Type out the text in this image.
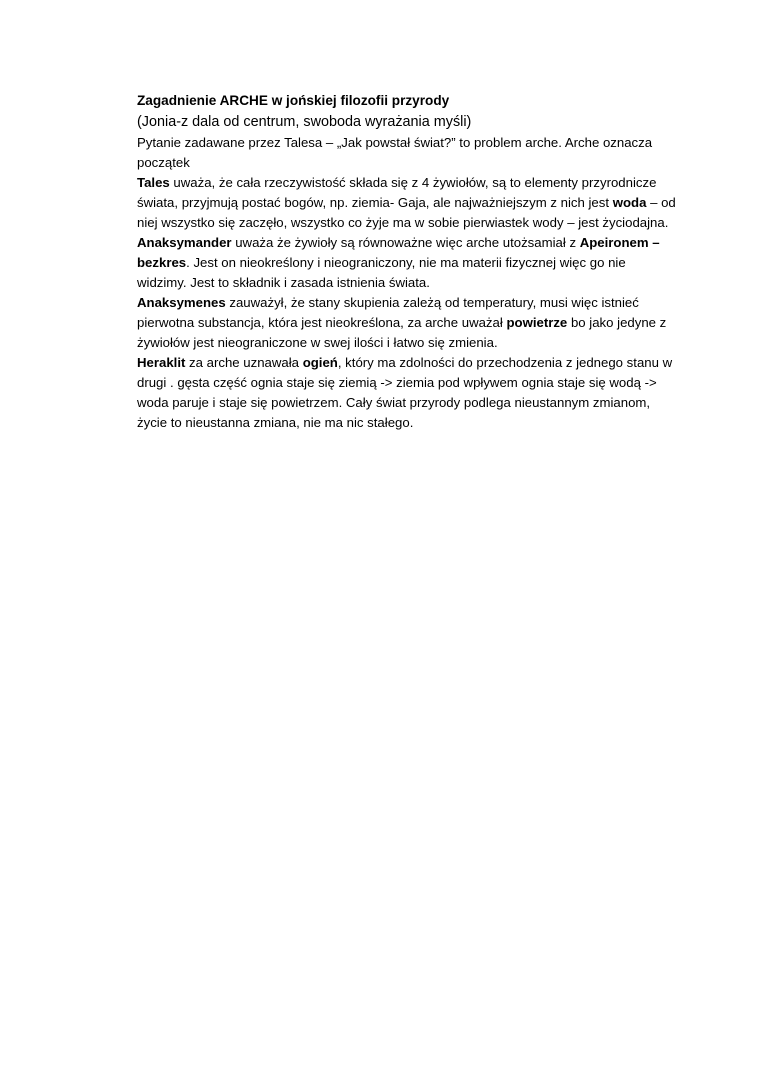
Zagadnienie ARCHE w jońskiej filozofii przyrody

(Jonia-z dala od centrum, swoboda wyrażania myśli)

Pytanie zadawane przez Talesa – „Jak powstał świat?” to problem arche. Arche oznacza początek

Tales uważa, że cała rzeczywistość składa się z 4 żywiołów, są to elementy przyrodnicze świata, przyjmują postać bogów, np. ziemia- Gaja, ale najważniejszym z nich jest woda – od niej wszystko się zaczęło, wszystko co żyje ma w sobie pierwiastek wody – jest życiodajna.

Anaksymander uważa że żywioły są równoważne więc arche utożsamiał z Apeironem – bezkres. Jest on nieokreślony i nieograniczony, nie ma materii fizycznej więc go nie widzimy. Jest to składnik i zasada istnienia świata.

Anaksymenes zauważył, że stany skupienia zależą od temperatury, musi więc istnieć pierwotna substancja, która jest nieokreślona, za arche uważał powietrze bo jako jedyne z żywiołów jest nieograniczone w swej ilości i łatwo się zmienia.

Heraklit za arche uznawała ogień, który ma zdolności do przechodzenia z jednego stanu w drugi . gęsta część ognia staje się ziemią -> ziemia pod wpływem ognia staje się wodą -> woda paruje i staje się powietrzem. Cały świat przyrody podlega nieustannym zmianom, życie to nieustanna zmiana, nie ma nic stałego.
